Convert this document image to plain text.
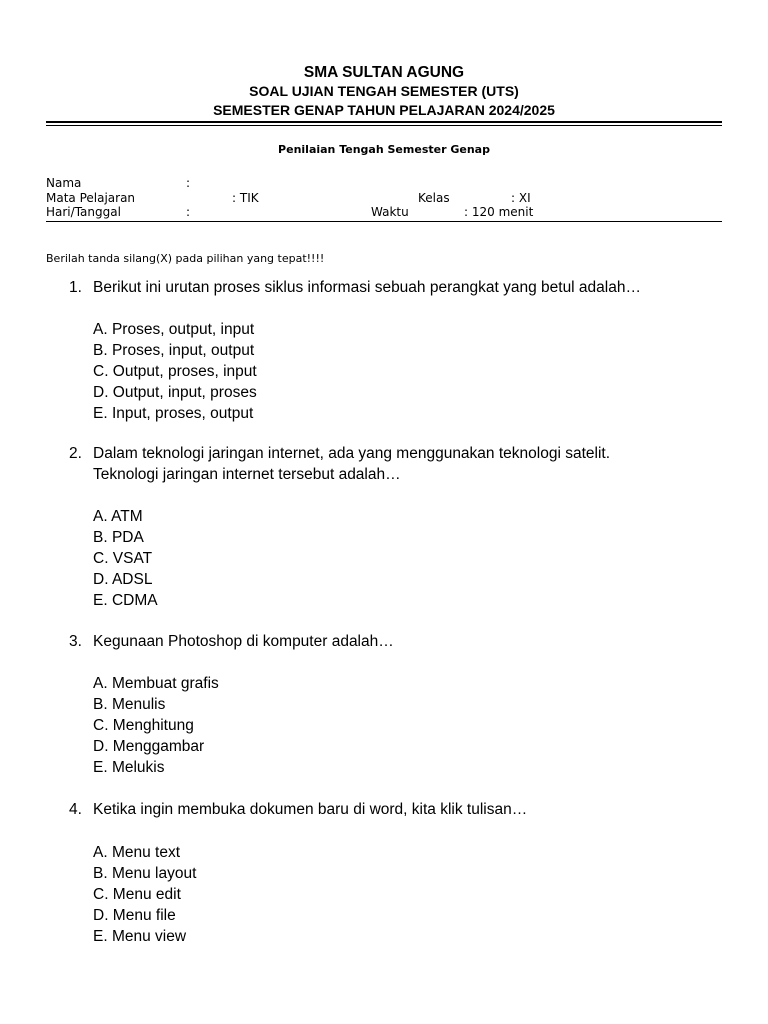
SMA SULTAN AGUNG
SOAL UJIAN TENGAH SEMESTER (UTS)
SEMESTER GENAP TAHUN PELAJARAN 2024/2025
Penilaian Tengah Semester Genap
Nama	:
Mata Pelajaran	: TIK	Kelas	: XI
Hari/Tanggal	:	Waktu	: 120 menit
Berilah tanda silang(X) pada pilihan yang tepat!!!!
1. Berikut ini urutan proses siklus informasi sebuah perangkat yang betul adalah…
A. Proses, output, input
B. Proses, input, output
C. Output, proses, input
D. Output, input, proses
E. Input, proses, output
2. Dalam teknologi jaringan internet, ada yang menggunakan teknologi satelit.
Teknologi jaringan internet tersebut adalah…
A. ATM
B. PDA
C. VSAT
D. ADSL
E. CDMA
3. Kegunaan Photoshop di komputer adalah…
A. Membuat grafis
B. Menulis
C. Menghitung
D. Menggambar
E. Melukis
4. Ketika ingin membuka dokumen baru di word, kita klik tulisan…
A. Menu text
B. Menu layout
C. Menu edit
D. Menu file
E. Menu view
